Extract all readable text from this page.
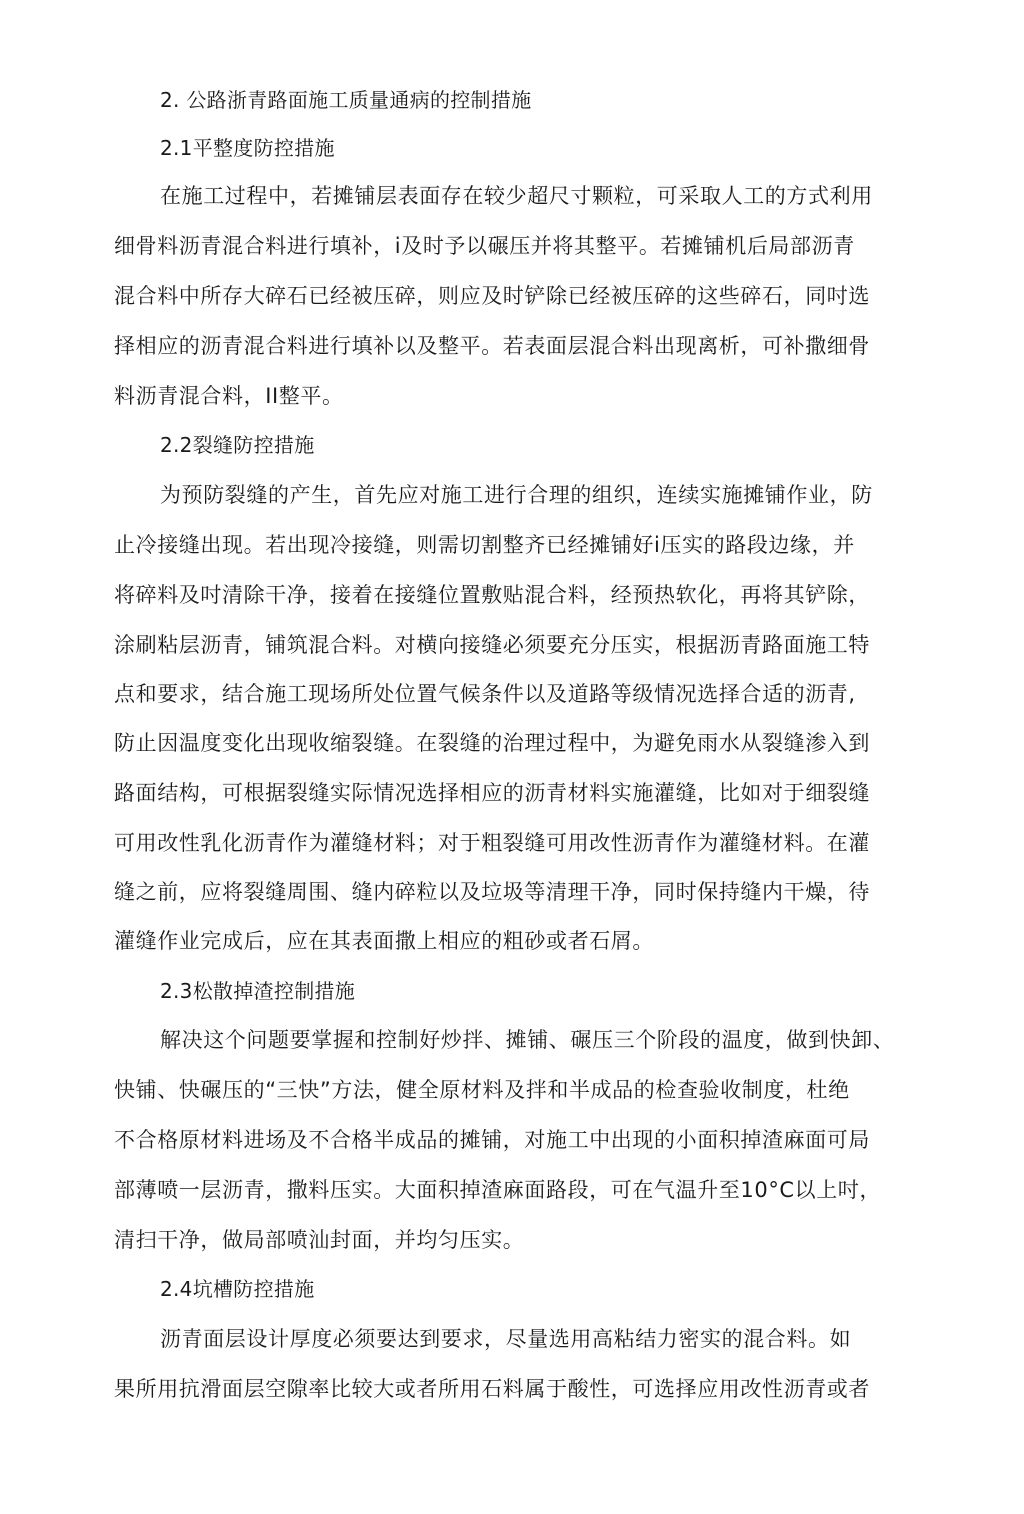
2. 公路浙青路面施工质量通病的控制措施
2.1平整度防控措施
在施工过程中，若摊铺层表面存在较少超尺寸颗粒，可采取人工的方式利用
细骨料沥青混合料进行填补，i及时予以碾压并将其整平。若摊铺机后局部沥青
混合料中所存大碎石已经被压碎，则应及时铲除已经被压碎的这些碎石，同吋选
择相应的沥青混合料进行填补以及整平。若表面层混合料出现离析，可补撒细骨
料沥青混合料，II整平。
2.2裂缝防控措施
为预防裂缝的产生，首先应对施工进行合理的组织，连续实施摊铺作业，防
止冷接缝出现。若出现冷接缝，则需切割整齐已经摊铺好i压实的路段边缘，并
将碎料及吋清除干净，接着在接缝位置敷贴混合料，经预热软化，再将其铲除，
涂刷粘层沥青，铺筑混合料。对横向接缝必须要充分压实，根据沥青路面施工特
点和要求，结合施工现场所处位置气候条件以及道路等级情况选择合适的沥青,
防止因温度变化出现收缩裂缝。在裂缝的治理过程中，为避免雨水从裂缝渗入到
路面结构，可根据裂缝实际情况选择相应的沥青材料实施灌缝，比如对于细裂缝
可用改性乳化沥青作为灌缝材料；对于粗裂缝可用改性沥青作为灌缝材料。在灌
缝之前，应将裂缝周围、缝内碎粒以及垃圾等清理干净，同时保持缝内干燥，待
灌缝作业完成后，应在其表面撒上相应的粗砂或者石屑。
2.3松散掉渣控制措施
解决这个问题要掌握和控制好炒拌、摊铺、碾压三个阶段的温度，做到快卸、
快铺、快碾压的“三快”方法，健全原材料及拌和半成品的检查验收制度，杜绝
不合格原材料进场及不合格半成品的摊铺，对施工中出现的小面积掉渣麻面可局
部薄喷一层沥青，撒料压实。大面积掉渣麻面路段，可在气温升至10°C以上吋，
清扫干净，做局部喷汕封面，并均匀压实。
2.4坑槽防控措施
沥青面层设计厚度必须要达到要求，尽量选用高粘结力密实的混合料。如
果所用抗滑面层空隙率比较大或者所用石料属于酸性，可选择应用改性沥青或者
